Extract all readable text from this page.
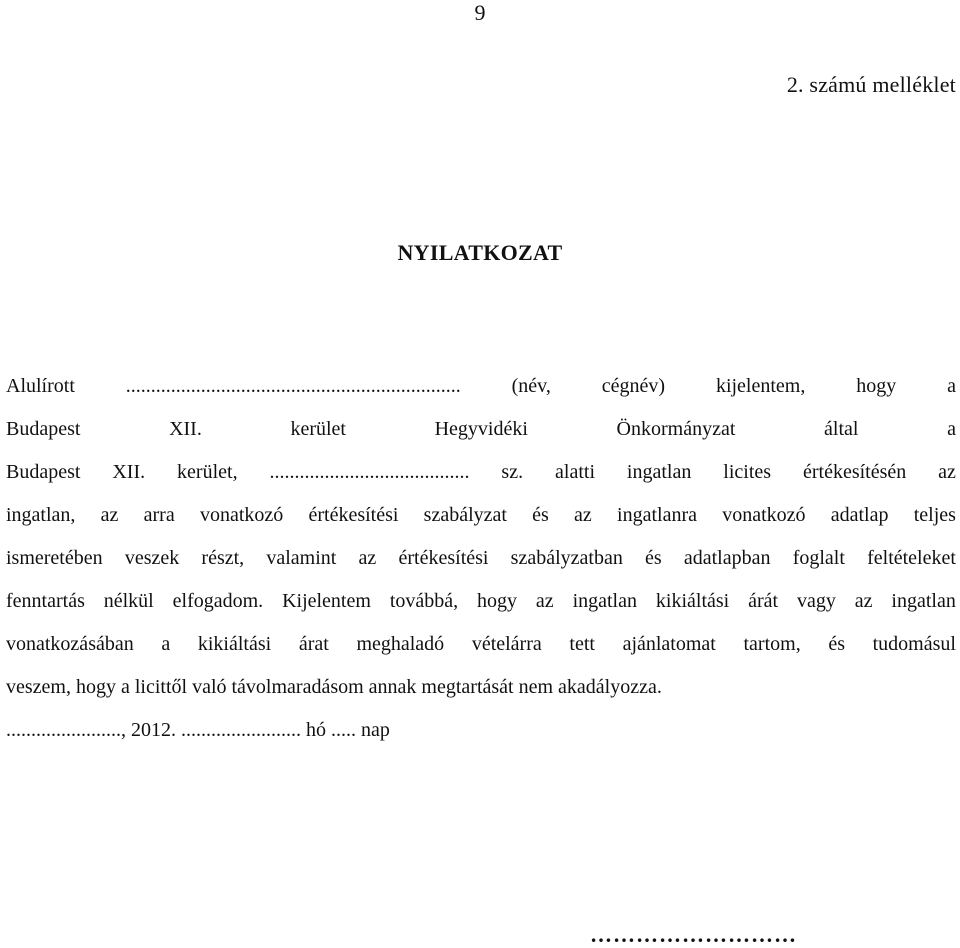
9
2. számú melléklet
NYILATKOZAT
Alulírott	...................................................................	(név,	cégnév)	kijelentem,	hogy	a
Budapest	XII.	kerület	Hegyvidéki	Önkormányzat	által	a
Budapest XII. kerület, ........................................ sz. alatti ingatlan licites értékesítésén az
ingatlan, az arra vonatkozó értékesítési szabályzat és az ingatlanra vonatkozó adatlap teljes
ismeretében veszek részt, valamint az értékesítési szabályzatban és adatlapban foglalt feltételeket
fenntartás nélkül elfogadom. Kijelentem továbbá, hogy az ingatlan kikiáltási árát vagy az ingatlan
vonatkozásában a kikiáltási árat meghaladó vételárra tett ajánlatomat tartom, és tudomásul
veszem, hogy a licittől való távolmaradásom annak megtartását nem akadályozza.
......................., 2012. ........................ hó ..... nap
………………………
